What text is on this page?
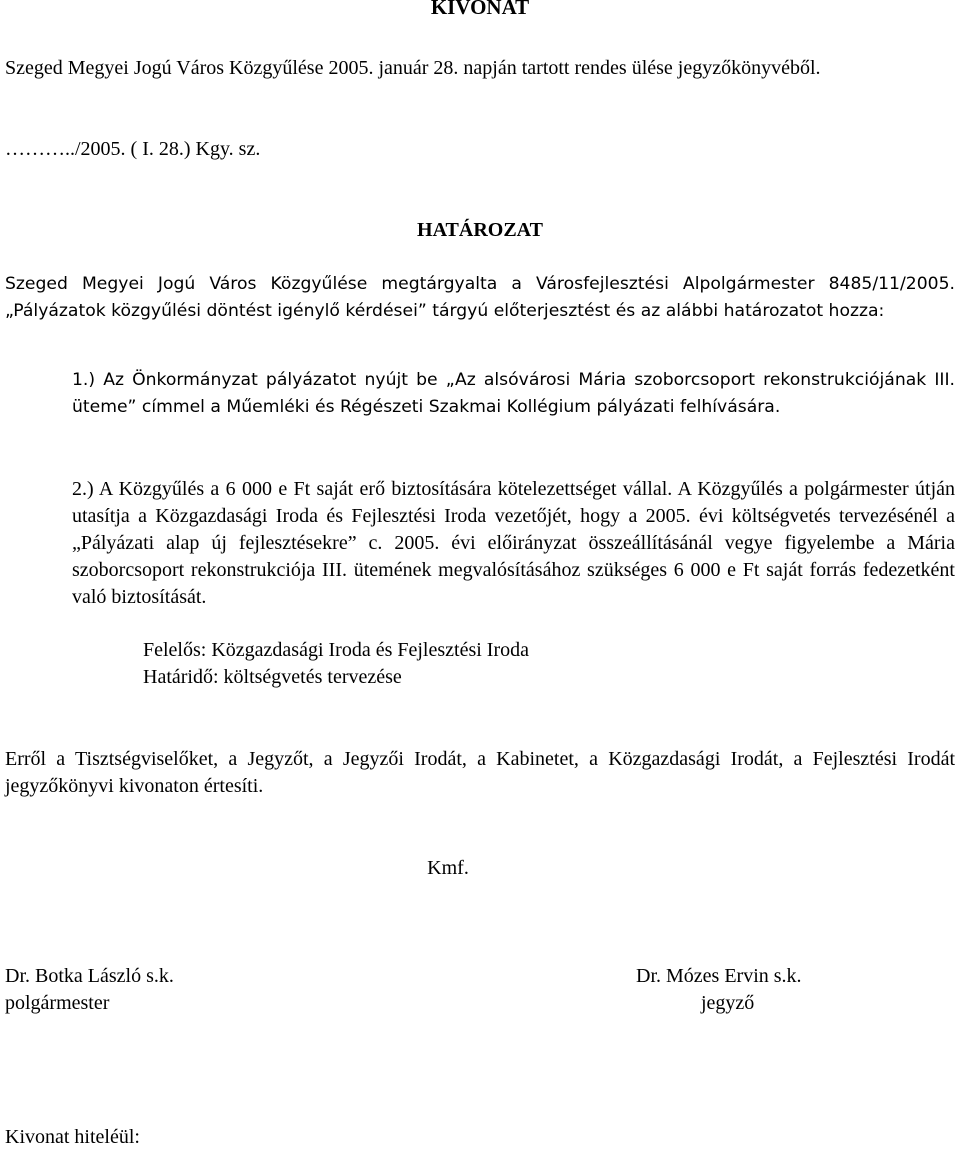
KIVONAT
Szeged Megyei Jogú Város Közgyűlése 2005. január 28. napján tartott rendes ülése jegyzőkönyvéből.
………../2005. ( I. 28.) Kgy. sz.
HATÁROZAT
Szeged Megyei Jogú Város Közgyűlése megtárgyalta a Városfejlesztési Alpolgármester 8485/11/2005. „Pályázatok közgyűlési döntést igénylő kérdései” tárgyú előterjesztést és az alábbi határozatot hozza:
1.) Az Önkormányzat pályázatot nyújt be „Az alsóvárosi Mária szoborcsoport rekonstrukciójának III. üteme” címmel a Műemléki és Régészeti Szakmai Kollégium pályázati felhívására.
2.) A Közgyűlés a 6 000 e Ft saját erő biztosítására kötelezettséget vállal. A Közgyűlés a polgármester útján utasítja a Közgazdasági Iroda és Fejlesztési Iroda vezetőjét, hogy a 2005. évi költségvetés tervezésénél a „Pályázati alap új fejlesztésekre” c. 2005. évi előirányzat összeállításánál vegye figyelembe a Mária szoborcsoport rekonstrukciója III. ütemének megvalósításához szükséges 6 000 e Ft saját forrás fedezetként való biztosítását.
Felelős: Közgazdasági Iroda és Fejlesztési Iroda
Határidő: költségvetés tervezése
Erről a Tisztségviselőket, a Jegyzőt, a Jegyzői Irodát, a Kabinetet, a Közgazdasági Irodát, a Fejlesztési Irodát jegyzőkönyvi kivonaton értesíti.
Kmf.
Dr. Botka László s.k.
polgármester
Dr. Mózes Ervin s.k.
jegyző
Kivonat hiteléül:
